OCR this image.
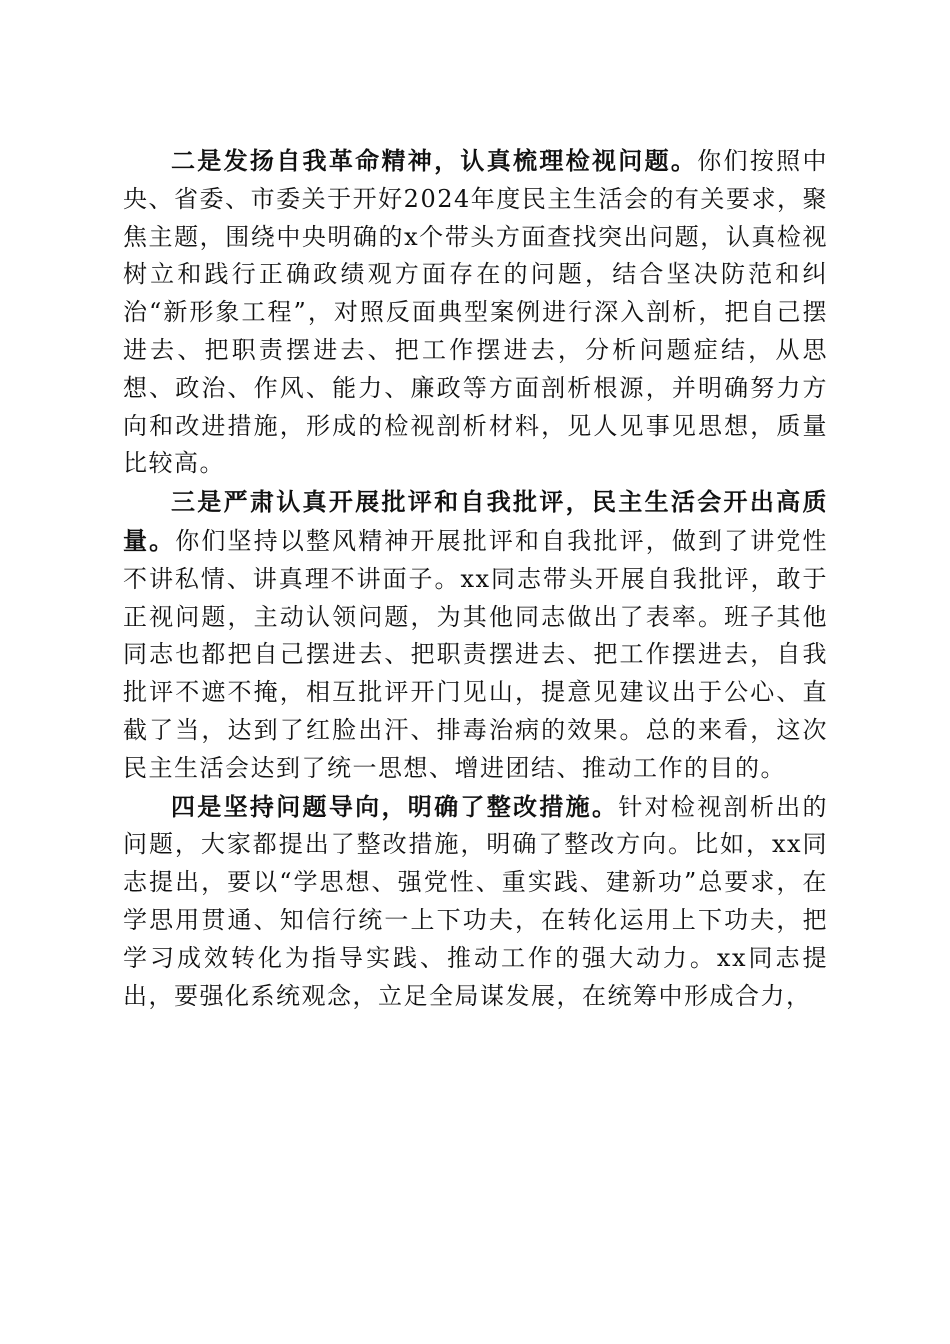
二是发扬自我革命精神，认真梳理检视问题。你们按照中央、省委、市委关于开好2024年度民主生活会的有关要求，聚焦主题，围绕中央明确的x个带头方面查找突出问题，认真检视树立和践行正确政绩观方面存在的问题，结合坚决防范和纠治“新形象工程”，对照反面典型案例进行深入剖析，把自己摆进去、把职责摆进去、把工作摆进去，分析问题症结，从思想、政治、作风、能力、廉政等方面剖析根源，并明确努力方向和改进措施，形成的检视剖析材料，见人见事见思想，质量比较高。

三是严肃认真开展批评和自我批评，民主生活会开出高质量。你们坚持以整风精神开展批评和自我批评，做到了讲党性不讲私情、讲真理不讲面子。xx同志带头开展自我批评，敢于正视问题，主动认领问题，为其他同志做出了表率。班子其他同志也都把自己摆进去、把职责摆进去、把工作摆进去，自我批评不遮不掩，相互批评开门见山，提意见建议出于公心、直截了当，达到了红脸出汗、排毒治病的效果。总的来看，这次民主生活会达到了统一思想、增进团结、推动工作的目的。

四是坚持问题导向，明确了整改措施。针对检视剖析出的问题，大家都提出了整改措施，明确了整改方向。比如，xx同志提出，要以“学思想、强党性、重实践、建新功”总要求，在学思用贯通、知信行统一上下功夫，在转化运用上下功夫，把学习成效转化为指导实践、推动工作的强大动力。xx同志提出，要强化系统观念，立足全局谋发展，在统筹中形成合力，
